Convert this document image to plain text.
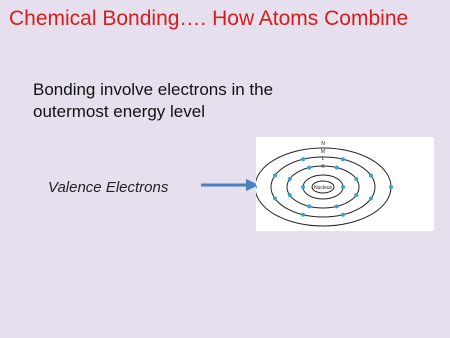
Chemical Bonding…. How Atoms Combine
Bonding involve electrons in the outermost energy level
Valence Electrons
N
M
L
K
Nucleus
